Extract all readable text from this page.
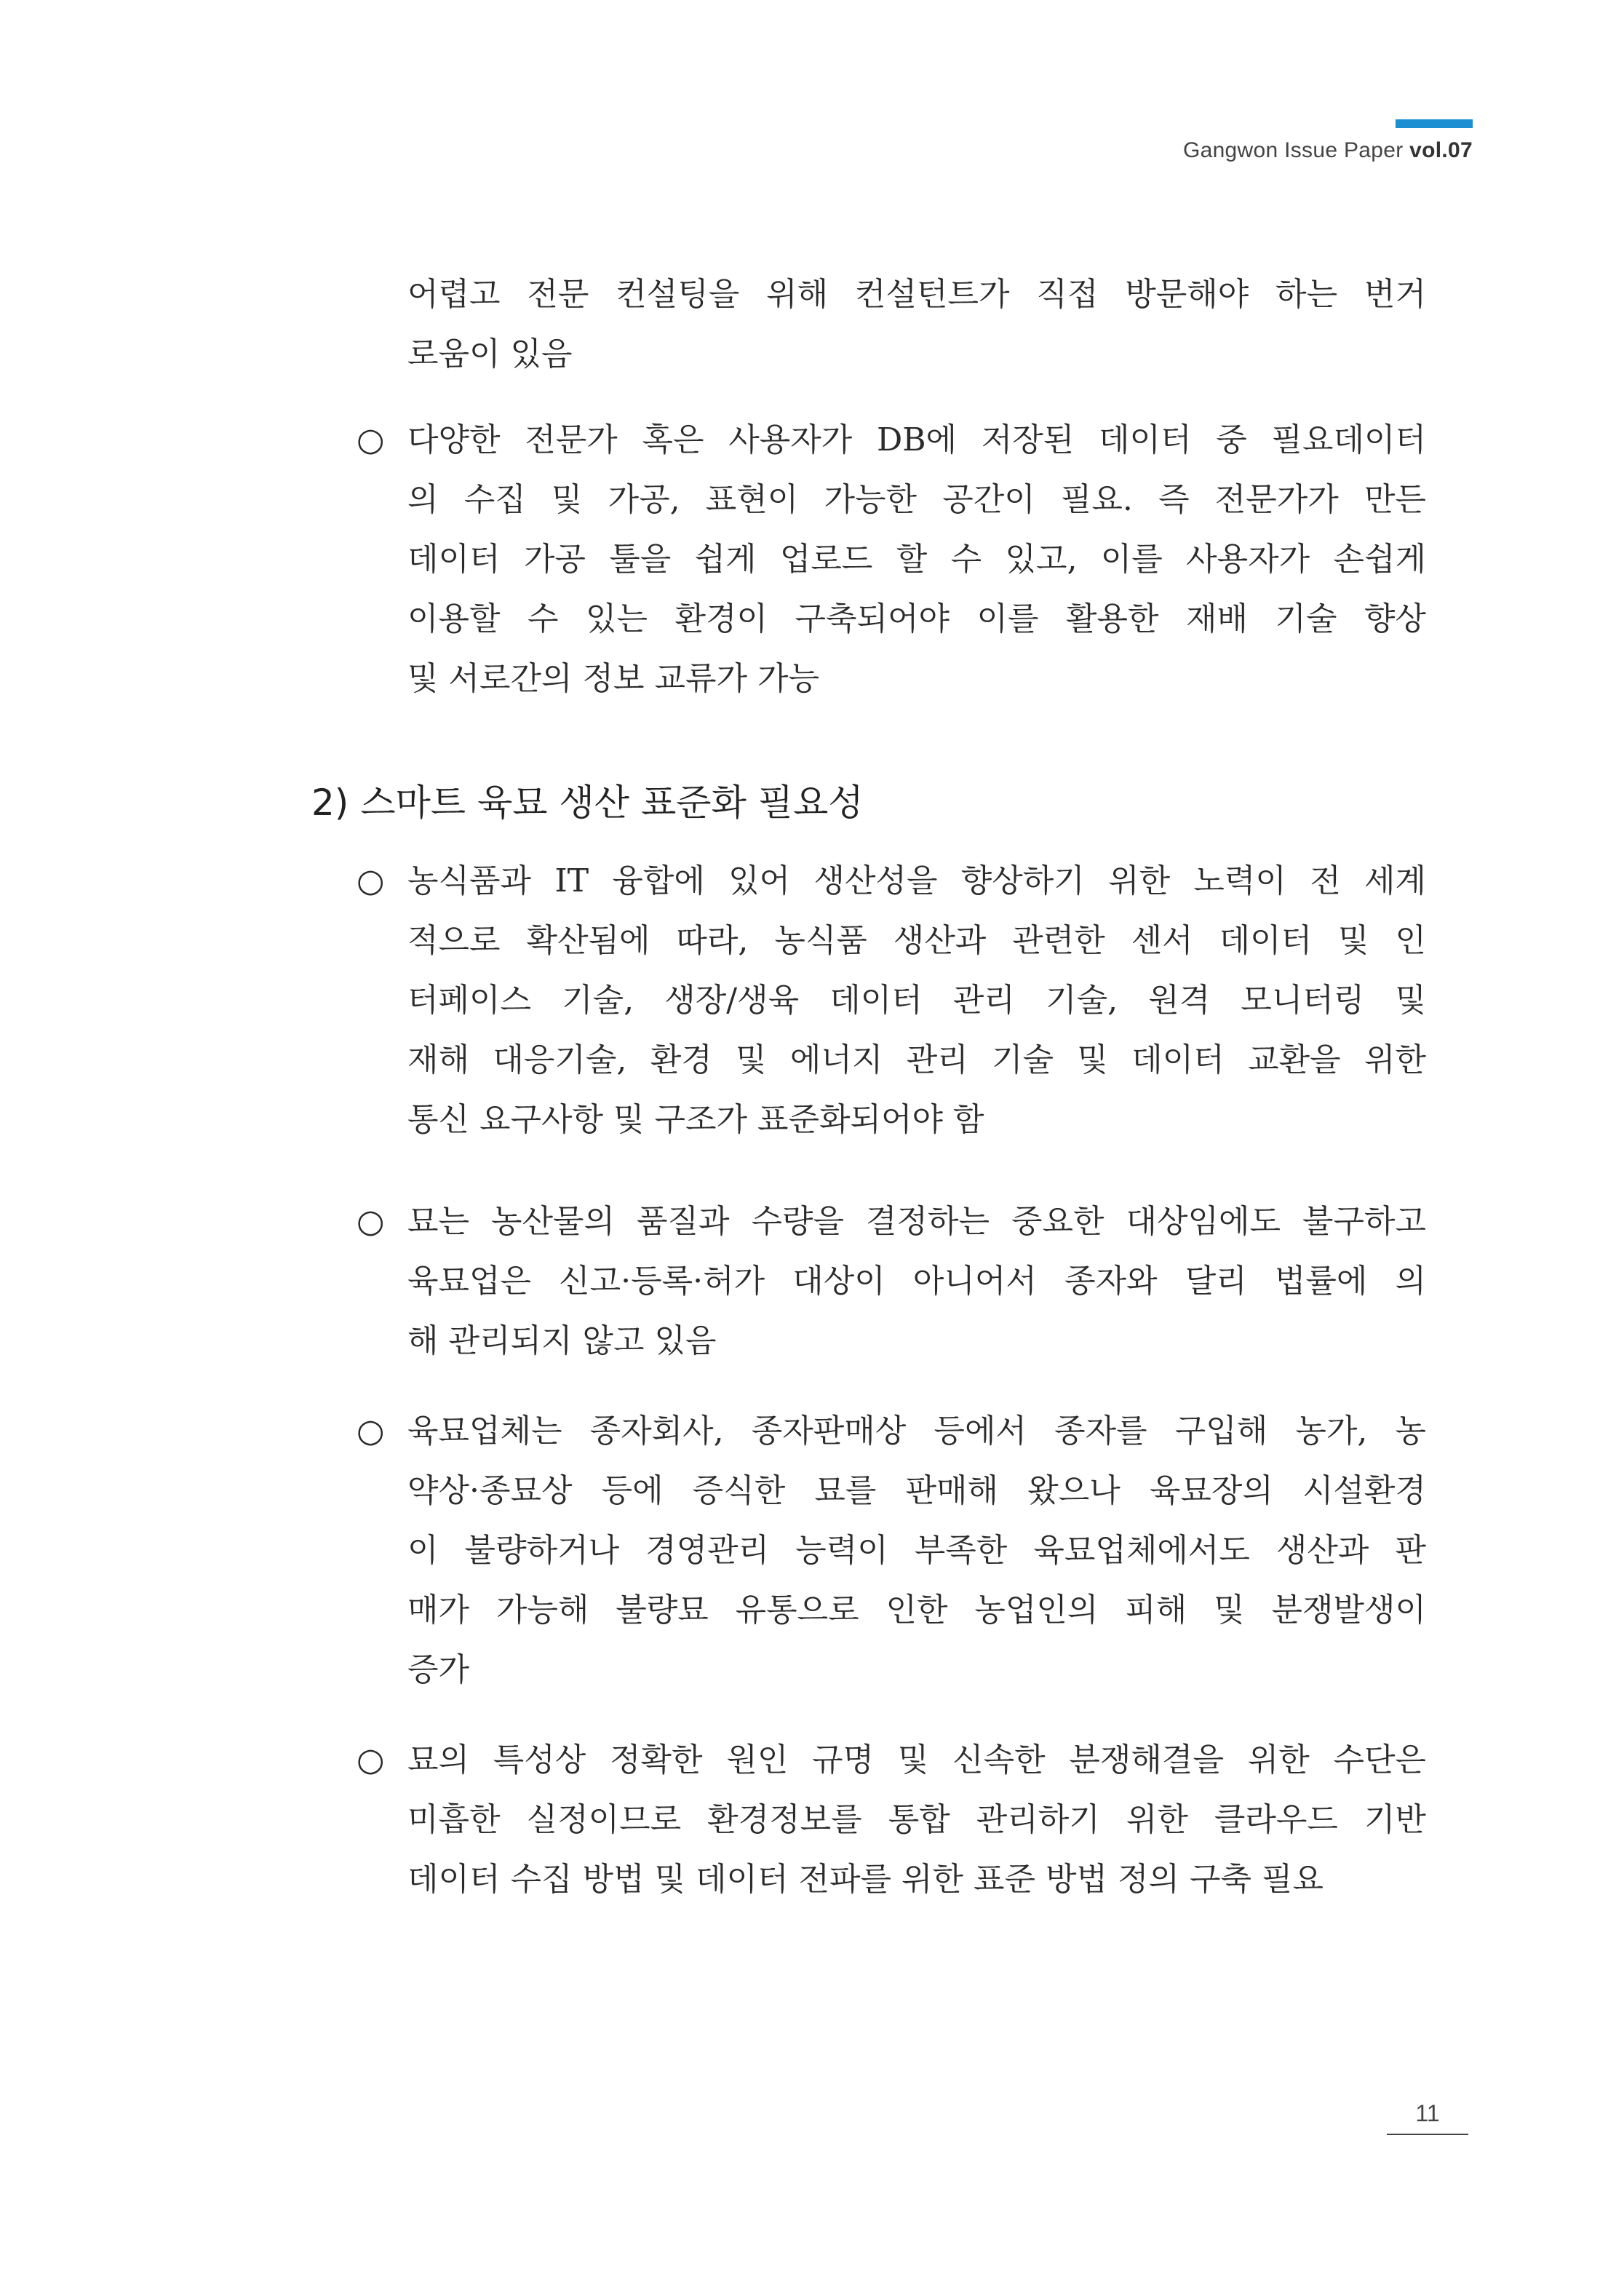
Gangwon Issue Paper vol.07
어렵고 전문 컨설팅을 위해 컨설턴트가 직접 방문해야 하는 번거
로움이 있음
○ 다양한 전문가 혹은 사용자가 DB에 저장된 데이터 중 필요데이터
의 수집 및 가공, 표현이 가능한 공간이 필요. 즉 전문가가 만든
데이터 가공 툴을 쉽게 업로드 할 수 있고, 이를 사용자가 손쉽게
이용할 수 있는 환경이 구축되어야 이를 활용한 재배 기술 향상
및 서로간의 정보 교류가 가능
2) 스마트 육묘 생산 표준화 필요성
○ 농식품과 IT 융합에 있어 생산성을 향상하기 위한 노력이 전 세계
적으로 확산됨에 따라, 농식품 생산과 관련한 센서 데이터 및 인
터페이스 기술, 생장/생육 데이터 관리 기술, 원격 모니터링 및
재해 대응기술, 환경 및 에너지 관리 기술 및 데이터 교환을 위한
통신 요구사항 및 구조가 표준화되어야 함
○ 묘는 농산물의 품질과 수량을 결정하는 중요한 대상임에도 불구하고
육묘업은 신고·등록·허가 대상이 아니어서 종자와 달리 법률에 의
해 관리되지 않고 있음
○ 육묘업체는 종자회사, 종자판매상 등에서 종자를 구입해 농가, 농
약상·종묘상 등에 증식한 묘를 판매해 왔으나 육묘장의 시설환경
이 불량하거나 경영관리 능력이 부족한 육묘업체에서도 생산과 판
매가 가능해 불량묘 유통으로 인한 농업인의 피해 및 분쟁발생이
증가
○ 묘의 특성상 정확한 원인 규명 및 신속한 분쟁해결을 위한 수단은
미흡한 실정이므로 환경정보를 통합 관리하기 위한 클라우드 기반
데이터 수집 방법 및 데이터 전파를 위한 표준 방법 정의 구축 필요
11
